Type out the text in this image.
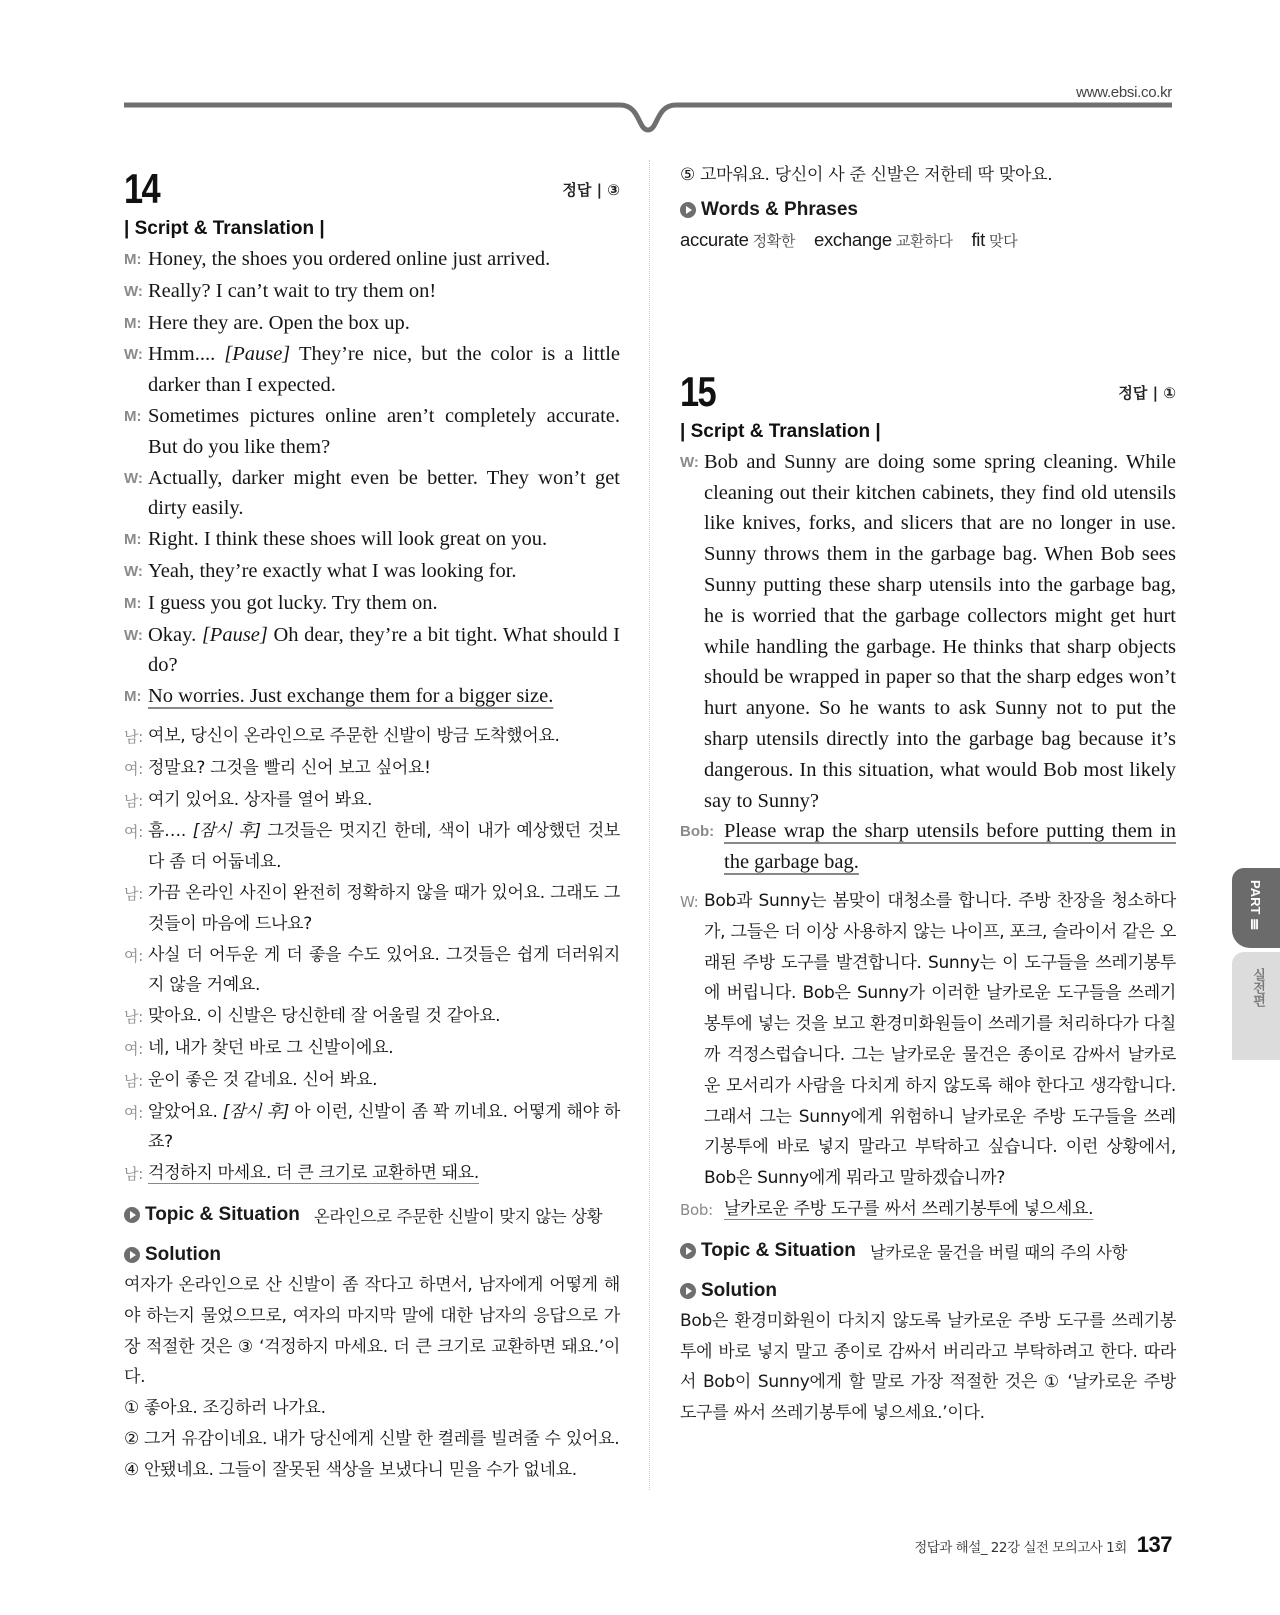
www.ebsi.co.kr
14	정답 | ③
| Script & Translation |
M: Honey, the shoes you ordered online just arrived.
W: Really? I can’t wait to try them on!
M: Here they are. Open the box up.
W: Hmm.... [Pause] They’re nice, but the color is a little darker than I expected.
M: Sometimes pictures online aren’t completely accurate. But do you like them?
W: Actually, darker might even be better. They won’t get dirty easily.
M: Right. I think these shoes will look great on you.
W: Yeah, they’re exactly what I was looking for.
M: I guess you got lucky. Try them on.
W: Okay. [Pause] Oh dear, they’re a bit tight. What should I do?
M: No worries. Just exchange them for a bigger size.
남: 여보, 당신이 온라인으로 주문한 신발이 방금 도착했어요.
여: 정말요? 그것을 빨리 신어 보고 싶어요!
남: 여기 있어요. 상자를 열어 봐요.
여: 흠…. [잠시 후] 그것들은 멋지긴 한데, 색이 내가 예상했던 것보다 좀 더 어둡네요.
남: 가끔 온라인 사진이 완전히 정확하지 않을 때가 있어요. 그래도 그것들이 마음에 드나요?
여: 사실 더 어두운 게 더 좋을 수도 있어요. 그것들은 쉽게 더러워지지 않을 거예요.
남: 맞아요. 이 신발은 당신한테 잘 어울릴 것 같아요.
여: 네, 내가 찾던 바로 그 신발이에요.
남: 운이 좋은 것 같네요. 신어 봐요.
여: 알았어요. [잠시 후] 아 이런, 신발이 좀 꽉 끼네요. 어떻게 해야 하죠?
남: 걱정하지 마세요. 더 큰 크기로 교환하면 돼요.
Topic & Situation 온라인으로 주문한 신발이 맞지 않는 상황
Solution
여자가 온라인으로 산 신발이 좀 작다고 하면서, 남자에게 어떻게 해야 하는지 물었으므로, 여자의 마지막 말에 대한 남자의 응답으로 가장 적절한 것은 ③ ‘걱정하지 마세요. 더 큰 크기로 교환하면 돼요.’이다.
① 좋아요. 조깅하러 나가요.
② 그거 유감이네요. 내가 당신에게 신발 한 켤레를 빌려줄 수 있어요.
④ 안됐네요. 그들이 잘못된 색상을 보냈다니 믿을 수가 없네요.
⑤ 고마워요. 당신이 사 준 신발은 저한테 딱 맞아요.
Words & Phrases
accurate 정확한 exchange 교환하다 fit 맞다
15	정답 | ①
| Script & Translation |
W: Bob and Sunny are doing some spring cleaning. While cleaning out their kitchen cabinets, they find old utensils like knives, forks, and slicers that are no longer in use. Sunny throws them in the garbage bag. When Bob sees Sunny putting these sharp utensils into the garbage bag, he is worried that the garbage collectors might get hurt while handling the garbage. He thinks that sharp objects should be wrapped in paper so that the sharp edges won’t hurt anyone. So he wants to ask Sunny not to put the sharp utensils directly into the garbage bag because it’s dangerous. In this situation, what would Bob most likely say to Sunny?
Bob: Please wrap the sharp utensils before putting them in the garbage bag.
W: Bob과 Sunny는 봄맞이 대청소를 합니다. 주방 찬장을 청소하다가, 그들은 더 이상 사용하지 않는 나이프, 포크, 슬라이서 같은 오래된 주방 도구를 발견합니다. Sunny는 이 도구들을 쓰레기봉투에 버립니다. Bob은 Sunny가 이러한 날카로운 도구들을 쓰레기봉투에 넣는 것을 보고 환경미화원들이 쓰레기를 처리하다가 다칠까 걱정스럽습니다. 그는 날카로운 물건은 종이로 감싸서 날카로운 모서리가 사람을 다치게 하지 않도록 해야 한다고 생각합니다. 그래서 그는 Sunny에게 위험하니 날카로운 주방 도구들을 쓰레기봉투에 바로 넣지 말라고 부탁하고 싶습니다. 이런 상황에서, Bob은 Sunny에게 뭐라고 말하겠습니까?
Bob: 날카로운 주방 도구를 싸서 쓰레기봉투에 넣으세요.
Topic & Situation 날카로운 물건을 버릴 때의 주의 사항
Solution
Bob은 환경미화원이 다치지 않도록 날카로운 주방 도구를 쓰레기봉투에 바로 넣지 말고 종이로 감싸서 버리라고 부탁하려고 한다. 따라서 Bob이 Sunny에게 할 말로 가장 적절한 것은 ① ‘날카로운 주방 도구를 싸서 쓰레기봉투에 넣으세요.’이다.
PART Ⅲ
실전편
정답과 해설_ 22강 실전 모의고사 1회 137
